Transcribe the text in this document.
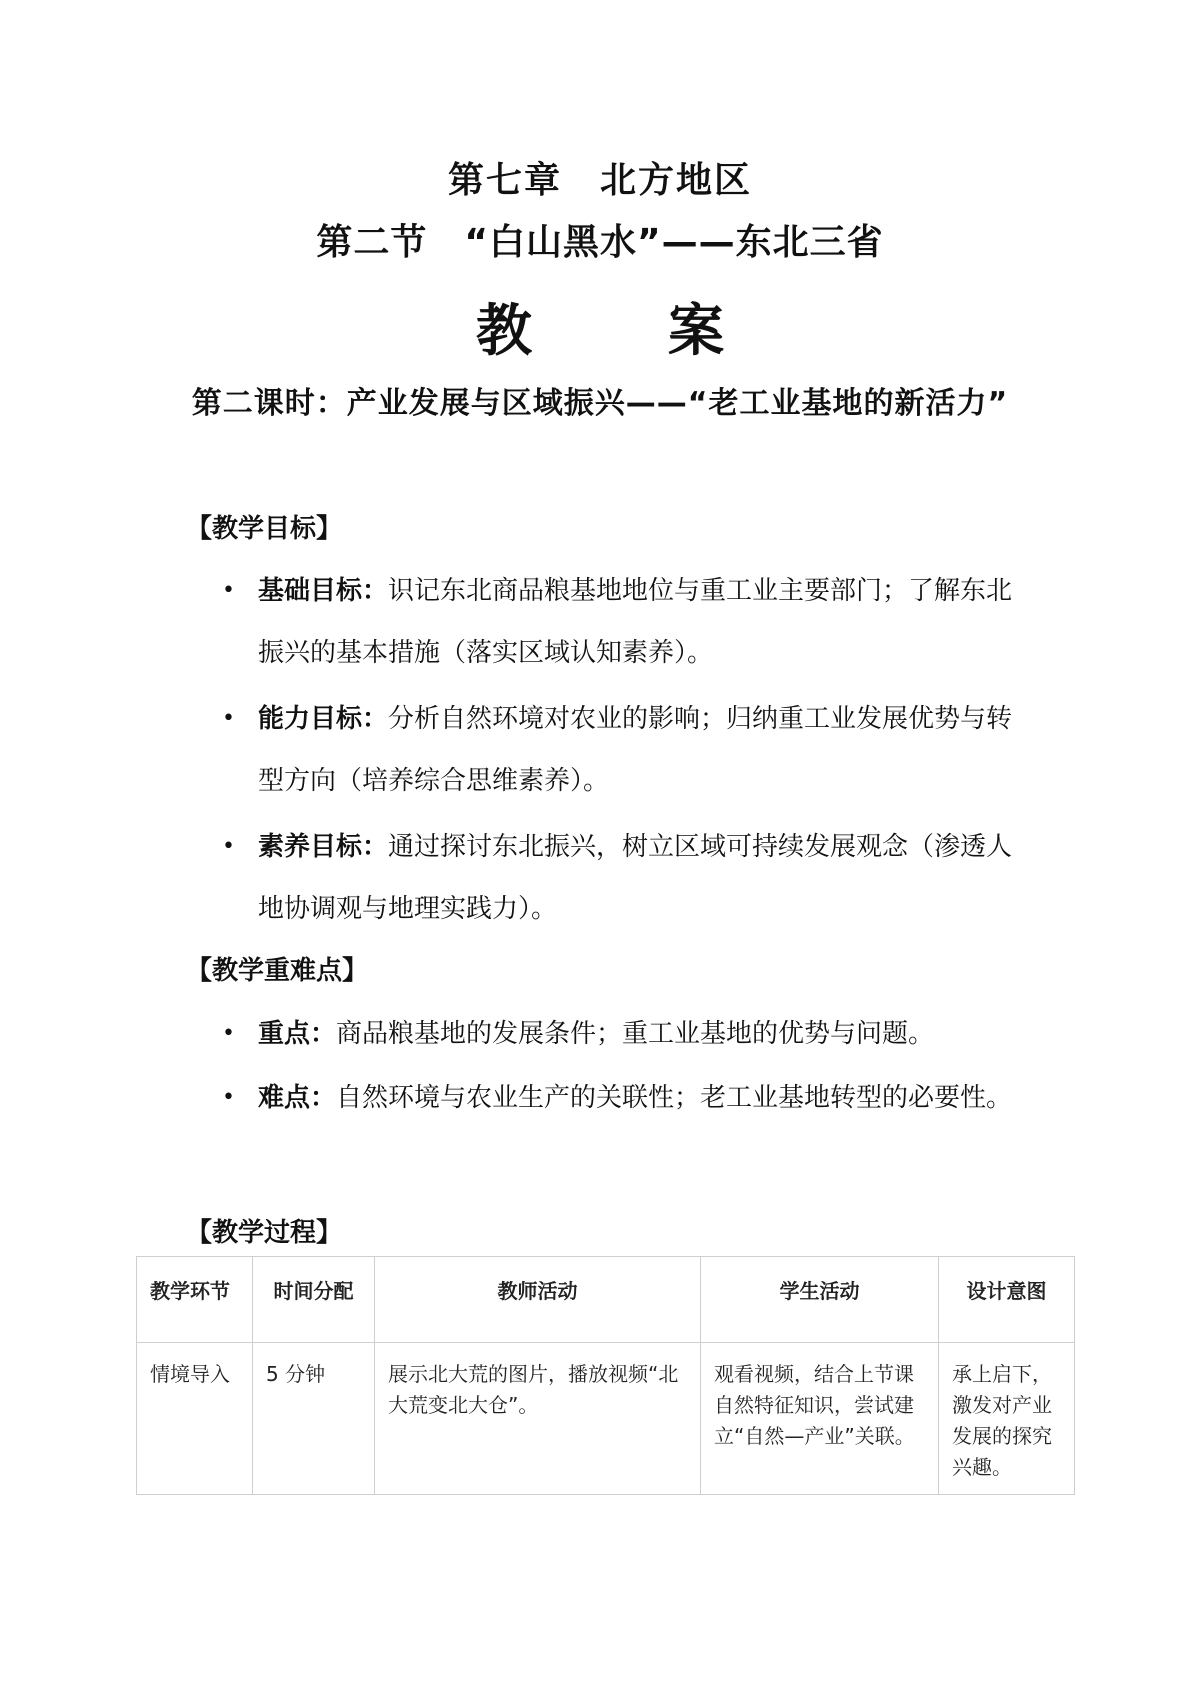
第七章　北方地区
第二节　“白山黑水”——东北三省
教　案
第二课时：产业发展与区域振兴——“老工业基地的新活力”
【教学目标】
• 基础目标：识记东北商品粮基地地位与重工业主要部门；了解东北振兴的基本措施（落实区域认知素养）。
• 能力目标：分析自然环境对农业的影响；归纳重工业发展优势与转型方向（培养综合思维素养）。
• 素养目标：通过探讨东北振兴，树立区域可持续发展观念（渗透人地协调观与地理实践力）。
【教学重难点】
• 重点：商品粮基地的发展条件；重工业基地的优势与问题。
• 难点：自然环境与农业生产的关联性；老工业基地转型的必要性。
【教学过程】
教学环节	时间分配	教师活动	学生活动	设计意图
情境导入	5 分钟	展示北大荒的图片，播放视频“北大荒变北大仓”。	观看视频，结合上节课自然特征知识，尝试建立“自然—产业”关联。	承上启下，激发对产业发展的探究兴趣。
